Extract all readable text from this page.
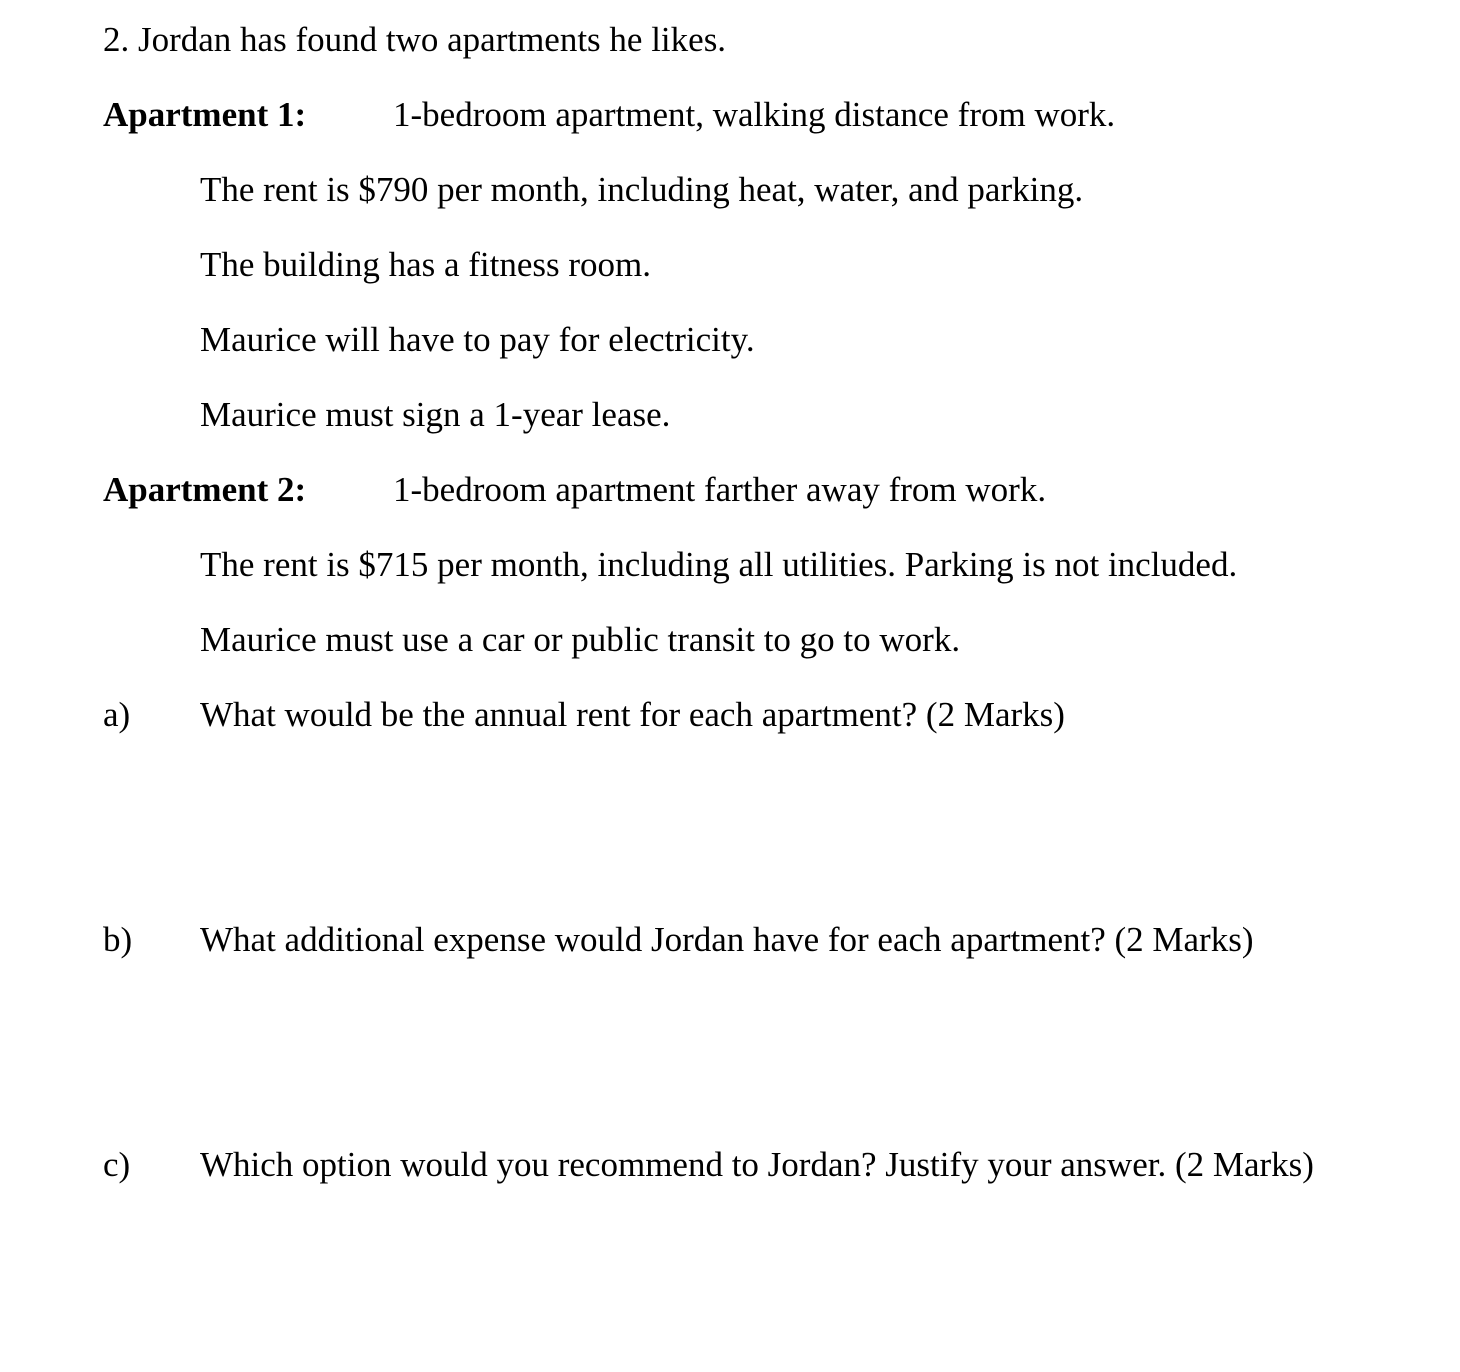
2. Jordan has found two apartments he likes.
Apartment 1: 1-bedroom apartment, walking distance from work.
The rent is $790 per month, including heat, water, and parking.
The building has a fitness room.
Maurice will have to pay for electricity.
Maurice must sign a 1-year lease.
Apartment 2: 1-bedroom apartment farther away from work.
The rent is $715 per month, including all utilities. Parking is not included.
Maurice must use a car or public transit to go to work.
a) What would be the annual rent for each apartment? (2 Marks)
b) What additional expense would Jordan have for each apartment? (2 Marks)
c) Which option would you recommend to Jordan? Justify your answer. (2 Marks)
